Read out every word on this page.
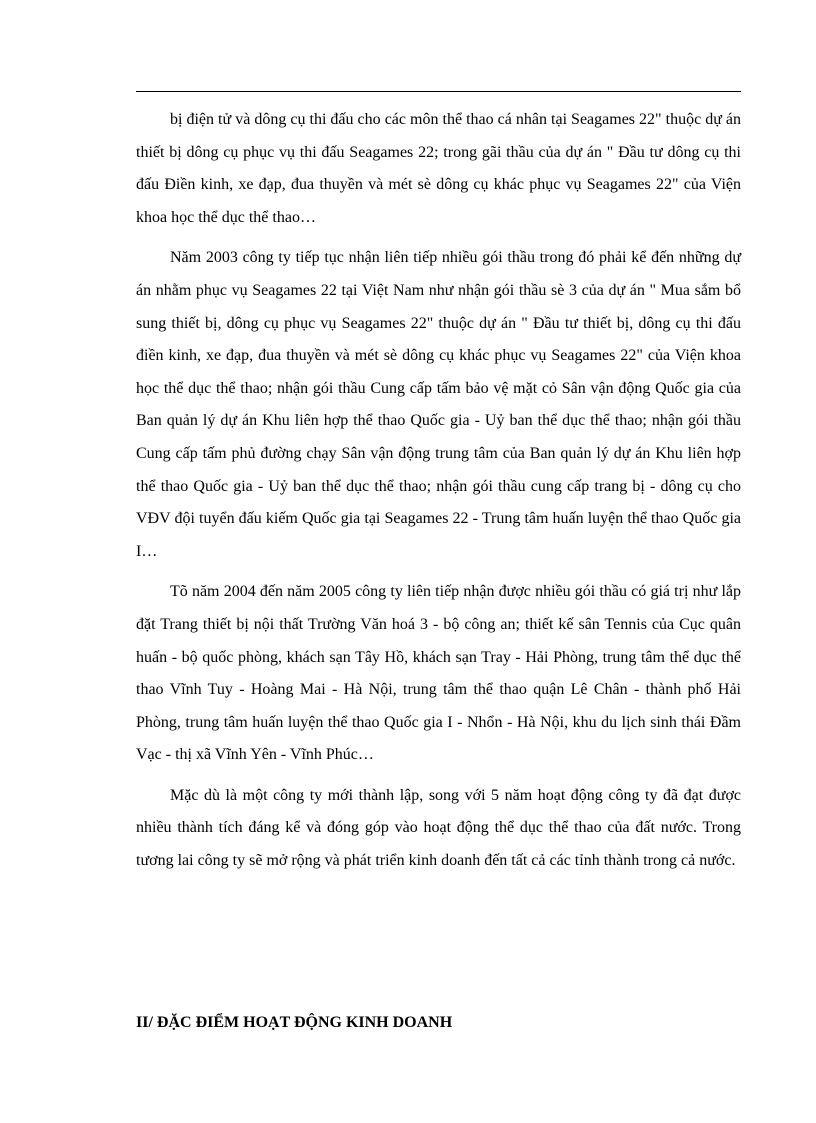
bị điện tử và dông cụ thi đấu cho các môn thể thao cá nhân tại Seagames 22" thuộc dự án thiết bị dông cụ phục vụ thi đấu Seagames 22; trong gãi thầu của dự án " Đầu tư dông cụ thi đấu Điền kinh, xe đạp, đua thuyền và mét sè dông cụ khác phục vụ Seagames 22" của Viện khoa học thể dục thể thao…

Năm 2003 công ty tiếp tục nhận liên tiếp nhiều gói thầu trong đó phải kể đến những dự án nhằm phục vụ Seagames 22 tại Việt Nam như nhận gói thầu sè 3 của dự án " Mua sắm bổ sung thiết bị, dông cụ phục vụ Seagames 22" thuộc dự án " Đầu tư thiết bị, dông cụ thi đấu điền kinh, xe đạp, đua thuyền và mét sè dông cụ khác phục vụ Seagames 22" của Viện khoa học thể dục thể thao; nhận gói thầu Cung cấp tấm bảo vệ mặt cỏ Sân vận động Quốc gia của Ban quản lý dự án Khu liên hợp thể thao Quốc gia - Uỷ ban thể dục thể thao; nhận gói thầu Cung cấp tấm phủ đường chạy Sân vận động trung tâm của Ban quản lý dự án Khu liên hợp thể thao Quốc gia - Uỷ ban thể dục thể thao; nhận gói thầu cung cấp trang bị - dông cụ cho VĐV đội tuyển đấu kiếm Quốc gia tại Seagames 22 - Trung tâm huấn luyện thể thao Quốc gia I…

Tõ năm 2004 đến năm 2005 công ty liên tiếp nhận được nhiều gói thầu có giá trị như lắp đặt Trang thiết bị nội thất Trường Văn hoá 3 - bộ công an; thiết kế sân Tennis của Cục quân huấn - bộ quốc phòng, khách sạn Tây Hồ, khách sạn Tray - Hải Phòng, trung tâm thể dục thể thao Vĩnh Tuy - Hoàng Mai - Hà Nội, trung tâm thể thao quận Lê Chân - thành phố Hải Phòng, trung tâm huấn luyện thể thao Quốc gia I - Nhổn - Hà Nội, khu du lịch sinh thái Đầm Vạc - thị xã Vĩnh Yên - Vĩnh Phúc…

Mặc dù là một công ty mới thành lập, song với 5 năm hoạt động công ty đã đạt được nhiều thành tích đáng kể và đóng góp vào hoạt động thể dục thể thao của đất nước. Trong tương lai công ty sẽ mở rộng và phát triển kinh doanh đến tất cả các tỉnh thành trong cả nước.

II/ ĐẶC ĐIỂM HOẠT ĐỘNG KINH DOANH
